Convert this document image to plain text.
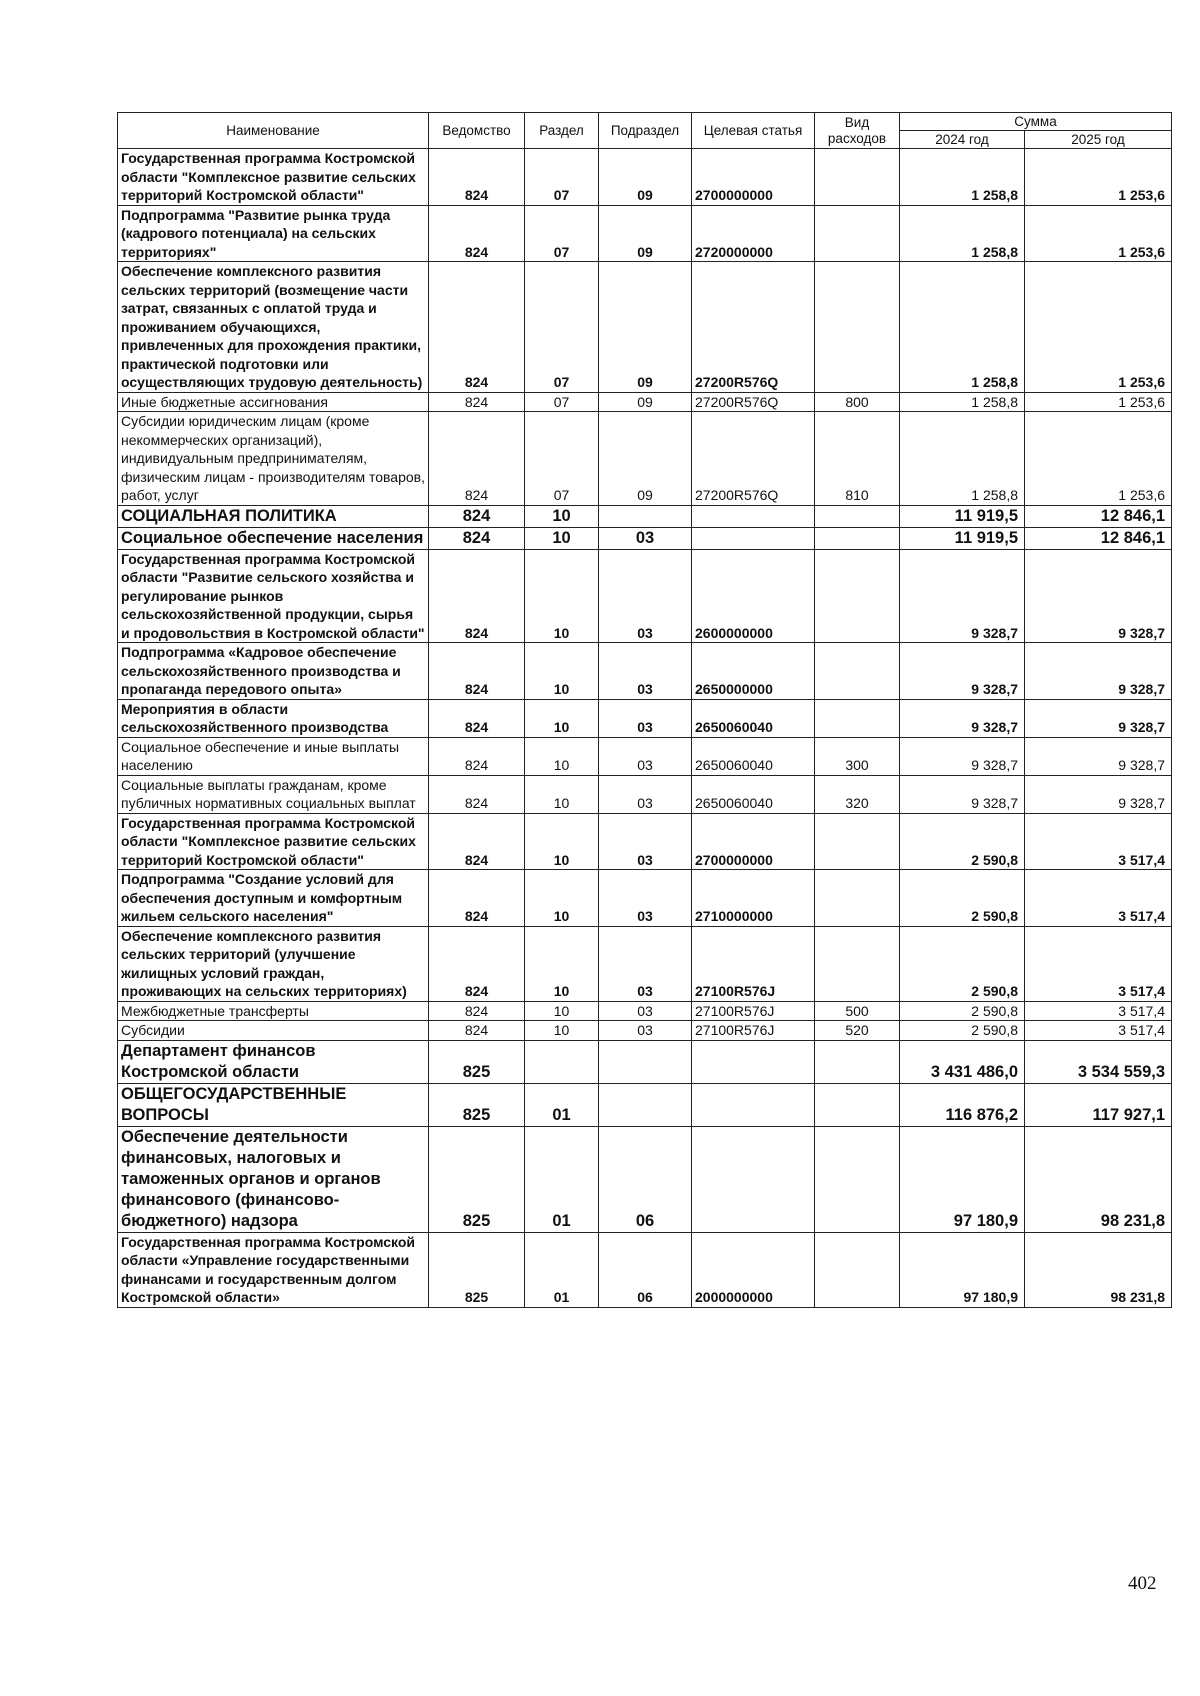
Наименование	Ведомство	Раздел	Подраздел	Целевая статья	Вид расходов	Сумма	
						2024 год	2025 год
Государственная программа Костромской области "Комплексное развитие сельских территорий Костромской области"	824	07	09	2700000000		1 258,8	1 253,6
Подпрограмма "Развитие рынка труда (кадрового потенциала) на сельских территориях"	824	07	09	2720000000		1 258,8	1 253,6
Обеспечение комплексного развития сельских территорий (возмещение части затрат, связанных с оплатой труда и проживанием обучающихся, привлеченных для прохождения практики, практической подготовки или осуществляющих трудовую деятельность)	824	07	09	27200R576Q		1 258,8	1 253,6
Иные бюджетные ассигнования	824	07	09	27200R576Q	800	1 258,8	1 253,6
Субсидии юридическим лицам (кроме некоммерческих организаций), индивидуальным предпринимателям, физическим лицам - производителям товаров, работ, услуг	824	07	09	27200R576Q	810	1 258,8	1 253,6
СОЦИАЛЬНАЯ ПОЛИТИКА	824	10				11 919,5	12 846,1
Социальное обеспечение населения	824	10	03			11 919,5	12 846,1
Государственная программа Костромской области "Развитие сельского хозяйства и регулирование рынков сельскохозяйственной продукции, сырья и продовольствия в Костромской области"	824	10	03	2600000000		9 328,7	9 328,7
Подпрограмма «Кадровое обеспечение сельскохозяйственного производства и пропаганда передового опыта»	824	10	03	2650000000		9 328,7	9 328,7
Мероприятия в области сельскохозяйственного производства	824	10	03	2650060040		9 328,7	9 328,7
Социальное обеспечение и иные выплаты населению	824	10	03	2650060040	300	9 328,7	9 328,7
Социальные выплаты гражданам, кроме публичных нормативных социальных выплат	824	10	03	2650060040	320	9 328,7	9 328,7
Государственная программа Костромской области "Комплексное развитие сельских территорий Костромской области"	824	10	03	2700000000		2 590,8	3 517,4
Подпрограмма "Создание условий для обеспечения доступным и комфортным жильем сельского населения"	824	10	03	2710000000		2 590,8	3 517,4
Обеспечение комплексного развития сельских территорий (улучшение жилищных условий граждан, проживающих на сельских территориях)	824	10	03	27100R576J		2 590,8	3 517,4
Межбюджетные трансферты	824	10	03	27100R576J	500	2 590,8	3 517,4
Субсидии	824	10	03	27100R576J	520	2 590,8	3 517,4
Департамент финансов Костромской области	825					3 431 486,0	3 534 559,3
ОБЩЕГОСУДАРСТВЕННЫЕ ВОПРОСЫ	825	01				116 876,2	117 927,1
Обеспечение деятельности финансовых, налоговых и таможенных органов и органов финансового (финансово-бюджетного) надзора	825	01	06			97 180,9	98 231,8
Государственная программа Костромской области «Управление государственными финансами и государственным долгом Костромской области»	825	01	06	2000000000		97 180,9	98 231,8
402
